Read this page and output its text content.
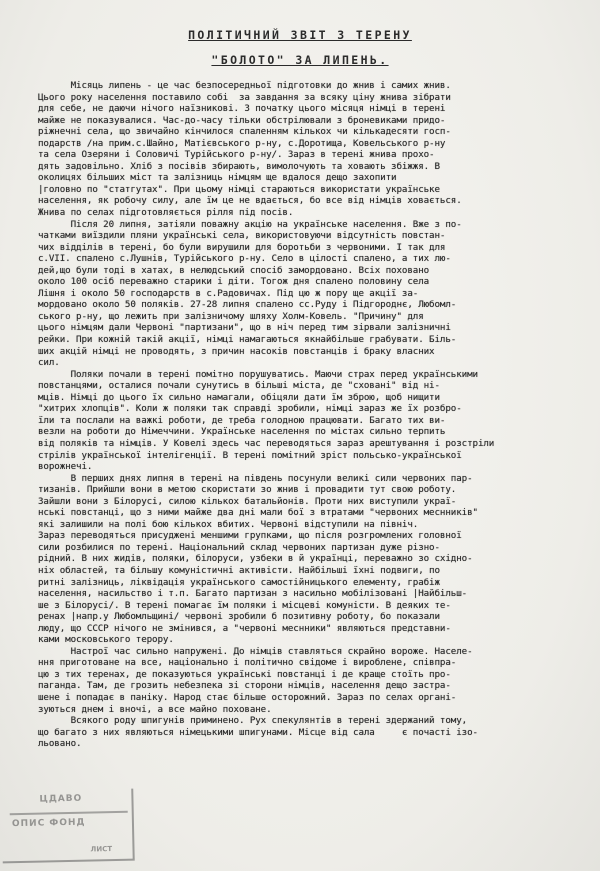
ПОЛІТИЧНИЙ ЗВІТ З ТЕРЕНУ
"БОЛОТО" ЗА ЛИПЕНЬ.
Місяць липень - це час безпосередньої підготовки до жнив і самих жнив.
Цього року населення поставило собі  за завдання за всяку ціну жнива зібрати
для себе, не даючи нічого наїзникові. З початку цього місяця німці в терені
майже не показувалися. Час-до-часу тільки обстрілювали з броневиками придо-
ріжнечні села, що звичайно кінчилося спаленням кількох чи кількадесяти госп-
подарств /на прим.с.Шайно, Матієвського р-ну, с.Доротища, Ковельського р-ну
та села Озеряни і Соловичі Турійського р-ну/. Зараз в терені жнива прохо-
дять задовільно. Хліб з посівів збирають, вимолочують та ховають збіжжя. В
околицях більших міст та залізниць німцям ще вдалося дещо захопити
|головно по "статгутах". При цьому німці стараються використати українське
населення, як робочу силу, але їм це не вдається, бо все від німців ховається.
Жнива по селах підготовляється рілля під посів.
Після 20 липня, затіяли поважну акцію на українське населення. Вже з по-
чатками виїздили пляни українські села, використовуючи відсутність повстан-
чих відділів в терені, бо були вирушили для боротьби з червоними. І так для
с.VII. спалено с.Лушнів, Турійського р-ну. Село в цілості спалено, а тих лю-
дей,що були тоді в хатах, в нелюдський спосіб замордовано. Всіх поховано
около 100 осіб переважно старики і діти. Тогож дня спалено половину села
Лішня і около 50 господарств в с.Радовичах. Під цю ж пору ще акції за-
мордовано около 50 поляків. 27-28 липня спалено сс.Руду і Підгороднє, Любомл-
ського р-ну, що лежить при залізничому шляху Холм-Ковель. "Причину" для
цього німцям дали Червоні "партизани", що в ніч перед тим зірвали залізничні
рейки. При кожній такій акції, німці намагаються якнайбільше грабувати. Біль-
ших акцій німці не проводять, з причин насоків повстанців і браку власних
сил.
Поляки почали в терені помітно порушуватись. Маючи страх перед українськими
повстанцями, осталися почали сунутись в більші міста, де "сховані" від ні-
мців. Німці до цього їх сильно намагали, обіцяли дати їм зброю, щоб нищити
"хитрих хлопців". Коли ж поляки так справді зробили, німці зараз же їх розбро-
їли та послали на важкі роботи, де треба голодною працювати. Багато тих ви-
везли на роботи до Німеччини. Українське населення по містах сильно терпить
від поляків та німців. У Ковелі здесь час переводяться зараз арештування і розстріли
стрілів української інтелігенції. В терені помітний зріст польсько-української
ворожнечі.
В перших днях липня в терені на південь посунули великі сили червоних пар-
тизанів. Прийшли вони в метою скористати зо жнив і провадити тут свою роботу.
Зайшли вони з Білорусі, силою кількох батальйонів. Проти них виступили украї-
нські повстанці, що з ними майже два дні мали бої з втратами "червоних меснників"
які залишили на полі бою кількох вбитих. Червоні відступили на північ.
Зараз переводяться присуджені меншими групками, що після розгромлених головної
сили розбилися по терені. Національний склад червоних партизан дуже різно-
рідний. В них жидів, поляки, білоруси, узбеки в й українці, переважно зо східно-
ніх областей, та більшу комуністичні активісти. Найбільші їхні подвиги, по
ритні залізниць, ліквідація українського самостійницького елементу, грабіж
населення, насильство і т.п. Багато партизан з насильно мобілізовані |Найбільш-
ше з Білорусі/. В терені помагає їм поляки і місцеві комуністи. В деяких те-
ренах |напр.у Любомльщині/ червоні зробили б позитивну роботу, бо показали
люду, що СССР нічого не змінився, а "червоні меснники" являються представни-
ками московського терору.
Настрої час сильно напружені. До німців ставляться скрайно вороже. Населе-
ння приготоване на все, національно і політично свідоме і вироблене, співпра-
цю з тих теренах, де показуються українські повстанці і де краще стоїть про-
паганда. Там, де грозить небезпека зі сторони німців, населення дещо застра-
шене і попадає в паніку. Народ стає більше осторожний. Зараз по селах органі-
зуються днем і вночі, а все майно поховане.
Всякого роду шпигунів приминено. Рух спекулянтів в терені здержаний тому,
що багато з них являються німецькими шпигунами. Місце від сала     є почасті ізо-
льовано.
ЦДАВО
ОПИС ФОНД
ЛИСТ
